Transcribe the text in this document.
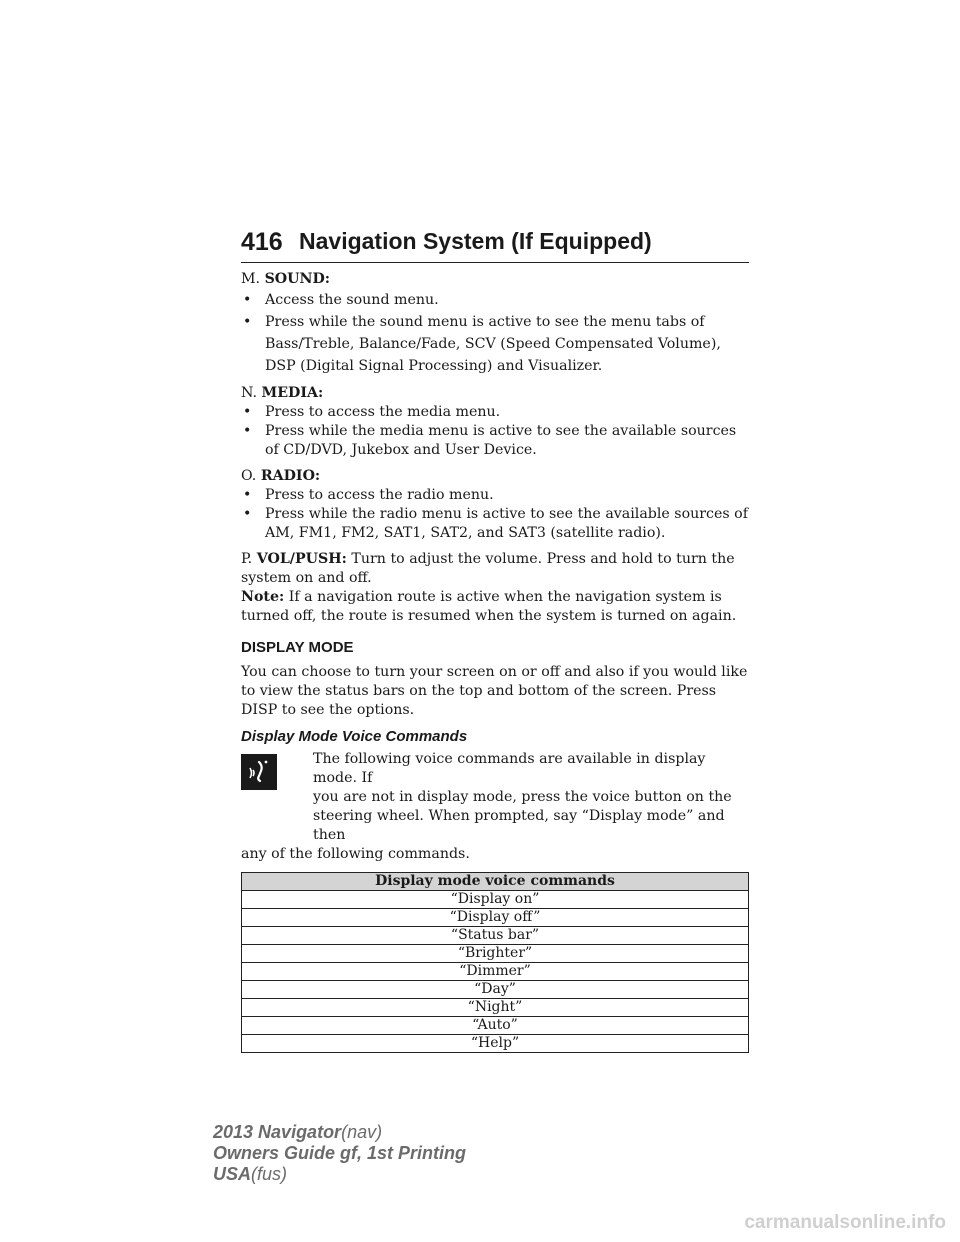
416 Navigation System (If Equipped)
M. SOUND:
• Access the sound menu.
• Press while the sound menu is active to see the menu tabs of Bass/Treble, Balance/Fade, SCV (Speed Compensated Volume), DSP (Digital Signal Processing) and Visualizer.
N. MEDIA:
• Press to access the media menu.
• Press while the media menu is active to see the available sources of CD/DVD, Jukebox and User Device.
O. RADIO:
• Press to access the radio menu.
• Press while the radio menu is active to see the available sources of AM, FM1, FM2, SAT1, SAT2, and SAT3 (satellite radio).

P. VOL/PUSH: Turn to adjust the volume. Press and hold to turn the system on and off.

Note: If a navigation route is active when the navigation system is turned off, the route is resumed when the system is turned on again.

DISPLAY MODE

You can choose to turn your screen on or off and also if you would like to view the status bars on the top and bottom of the screen. Press DISP to see the options.

Display Mode Voice Commands
The following voice commands are available in display mode. If
you are not in display mode, press the voice button on the
steering wheel. When prompted, say “Display mode” and then
any of the following commands.
Display mode voice commands
“Display on”
“Display off”
“Status bar”
“Brighter”
“Dimmer”
“Day”
“Night”
“Auto”
“Help”
2013 Navigator(nav)
Owners Guide gf, 1st Printing
USA(fus)
carmanualsonline.info
